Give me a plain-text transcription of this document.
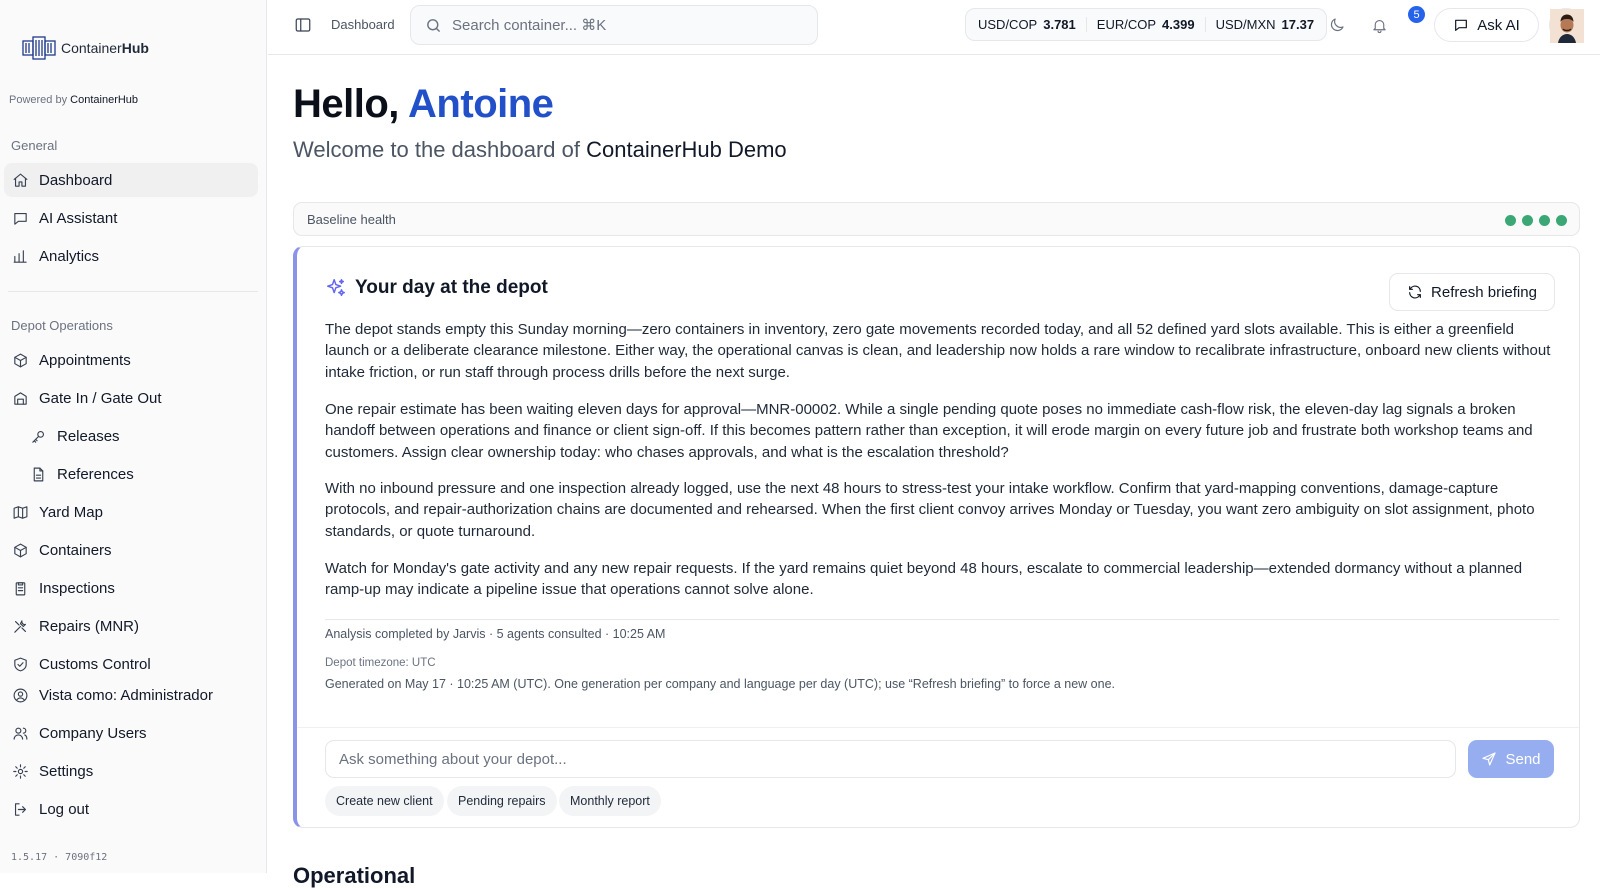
ContainerHub
Powered by ContainerHub
General
Dashboard
AI Assistant
Analytics
Depot Operations
Appointments
Gate In / Gate Out
Releases
References
Yard Map
Containers
Inspections
Repairs (MNR)
Customs Control
Vista como: Administrador
Company Users
Settings
Log out
1.5.17 · 7090f12
Dashboard
Search container... ⌘K	USD/COP 3.781 EUR/COP 4.399 USD/MXN 17.37
5
Ask AI
Hello, Antoine
Welcome to the dashboard of ContainerHub Demo
Baseline health
Your day at the depot	Refresh briefing

The depot stands empty this Sunday morning—zero containers in inventory, zero gate movements recorded today, and all 52 defined yard slots available. This is either a greenfield launch or a deliberate clearance milestone. Either way, the operational canvas is clean, and leadership now holds a rare window to recalibrate infrastructure, onboard new clients without intake friction, or run staff through process drills before the next surge.

One repair estimate has been waiting eleven days for approval—MNR-00002. While a single pending quote poses no immediate cash-flow risk, the eleven-day lag signals a broken handoff between operations and finance or client sign-off. If this becomes pattern rather than exception, it will erode margin on every future job and frustrate both workshop teams and customers. Assign clear ownership today: who chases approvals, and what is the escalation threshold?

With no inbound pressure and one inspection already logged, use the next 48 hours to stress-test your intake workflow. Confirm that yard-mapping conventions, damage-capture protocols, and repair-authorization chains are documented and rehearsed. When the first client convoy arrives Monday or Tuesday, you want zero ambiguity on slot assignment, photo standards, or quote turnaround.

Watch for Monday's gate activity and any new repair requests. If the yard remains quiet beyond 48 hours, escalate to commercial leadership—extended dormancy without a planned ramp-up may indicate a pipeline issue that operations cannot solve alone.

Analysis completed by Jarvis · 5 agents consulted · 10:25 AM
Depot timezone: UTC
Generated on May 17 · 10:25 AM (UTC). One generation per company and language per day (UTC); use “Refresh briefing” to force a new one.
Ask something about your depot...
Send
Create new client	Pending repairs	Monthly report
Operational
